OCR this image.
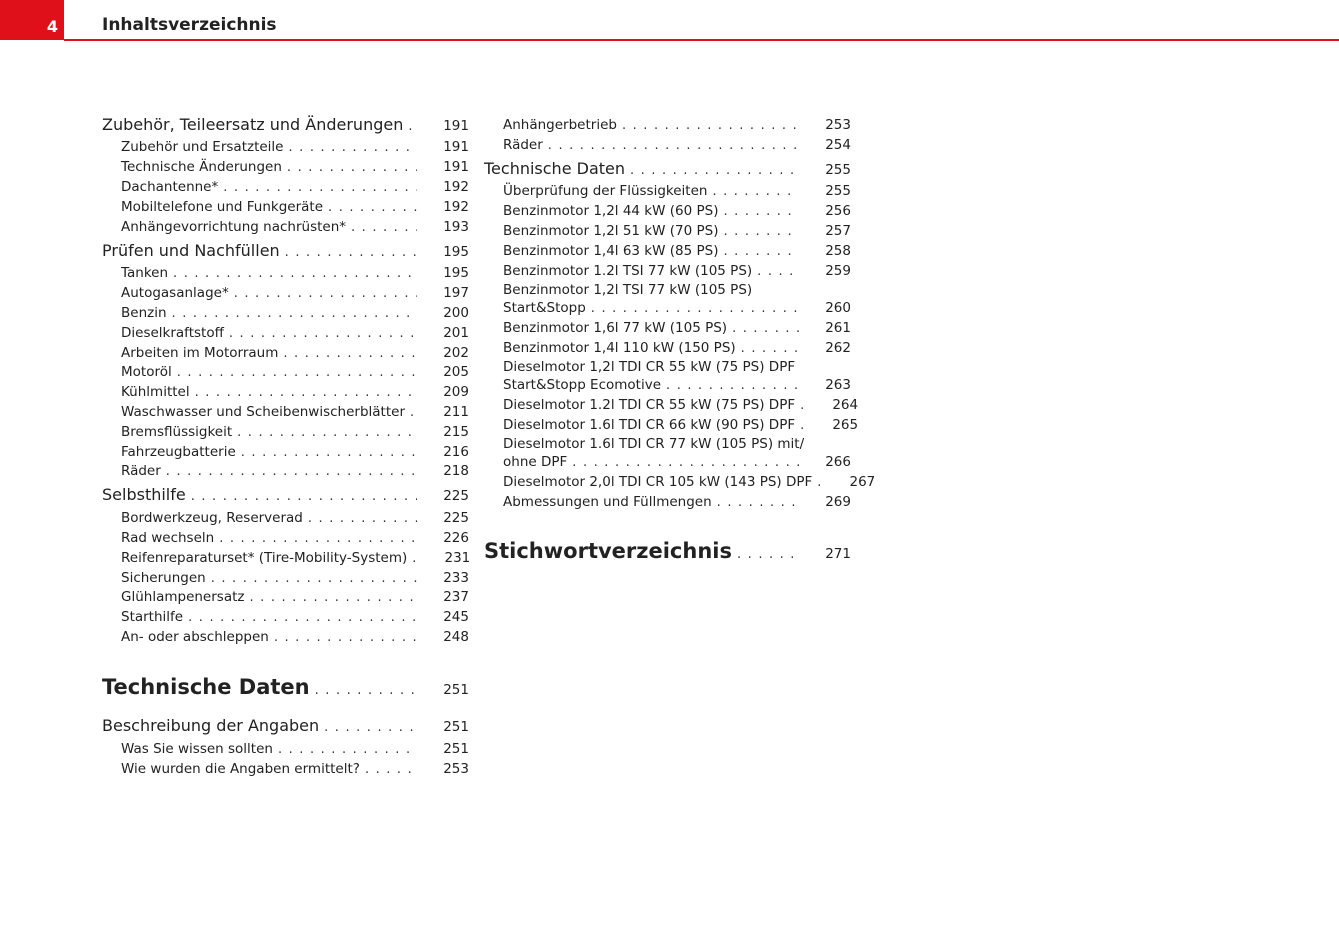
4	Inhaltsverzeichnis
Zubehör, Teileersatz und Änderungen . . .	191
Zubehör und Ersatzteile . . .	191
Technische Änderungen . . .	191
Dachantenne* . . .	192
Mobiltelefone und Funkgeräte . . .	192
Anhängevorrichtung nachrüsten* . . .	193
Prüfen und Nachfüllen . . .	195
Tanken . . .	195
Autogasanlage* . . .	197
Benzin . . .	200
Dieselkraftstoff . . .	201
Arbeiten im Motorraum . . .	202
Motoröl . . .	205
Kühlmittel . . .	209
Waschwasser und Scheibenwischerblätter . . .	211
Bremsflüssigkeit . . .	215
Fahrzeugbatterie . . .	216
Räder . . .	218
Selbsthilfe . . .	225
Bordwerkzeug, Reserverad . . .	225
Rad wechseln . . .	226
Reifenreparaturset* (Tire-Mobility-System) . . .	231
Sicherungen . . .	233
Glühlampenersatz . . .	237
Starthilfe . . .	245
An- oder abschleppen . . .	248
Technische Daten . . .	251
Beschreibung der Angaben . . .	251
Was Sie wissen sollten . . .	251
Wie wurden die Angaben ermittelt? . . .	253
Anhängerbetrieb . . .	253
Räder . . .	254
Technische Daten . . .	255
Überprüfung der Flüssigkeiten . . .	255
Benzinmotor 1,2l 44 kW (60 PS) . . .	256
Benzinmotor 1,2l 51 kW (70 PS) . . .	257
Benzinmotor 1,4l 63 kW (85 PS) . . .	258
Benzinmotor 1.2l TSI 77 kW (105 PS) . . .	259
Benzinmotor 1,2l TSI 77 kW (105 PS)
Start&Stopp . . .	260
Benzinmotor 1,6l 77 kW (105 PS) . . .	261
Benzinmotor 1,4l 110 kW (150 PS) . . .	262
Dieselmotor 1,2l TDI CR 55 kW (75 PS) DPF
Start&Stopp Ecomotive . . .	263
Dieselmotor 1.2l TDI CR 55 kW (75 PS) DPF . . .	264
Dieselmotor 1.6l TDI CR 66 kW (90 PS) DPF . . .	265
Dieselmotor 1.6l TDI CR 77 kW (105 PS) mit/
ohne DPF . . .	266
Dieselmotor 2,0l TDI CR 105 kW (143 PS) DPF . . .	267
Abmessungen und Füllmengen . . .	269
Stichwortverzeichnis . . .	271
